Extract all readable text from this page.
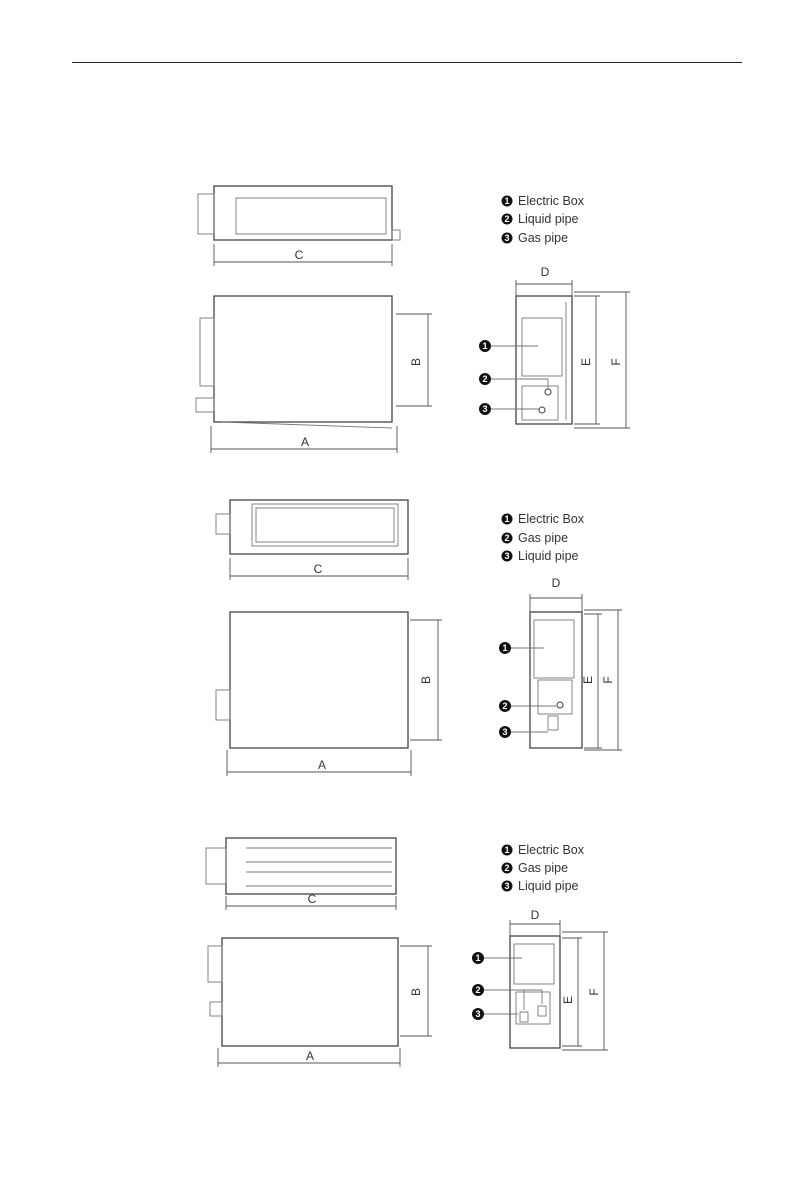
C
B
A
1 Electric Box
2 Liquid pipe
3 Gas pipe
D
E F
1
2
3
C
B
A
1 Electric Box
2 Gas pipe
3 Liquid pipe
D
E F
1
2
3
C
B
A
1 Electric Box
2 Gas pipe
3 Liquid pipe
D
E
F
1
2
3
